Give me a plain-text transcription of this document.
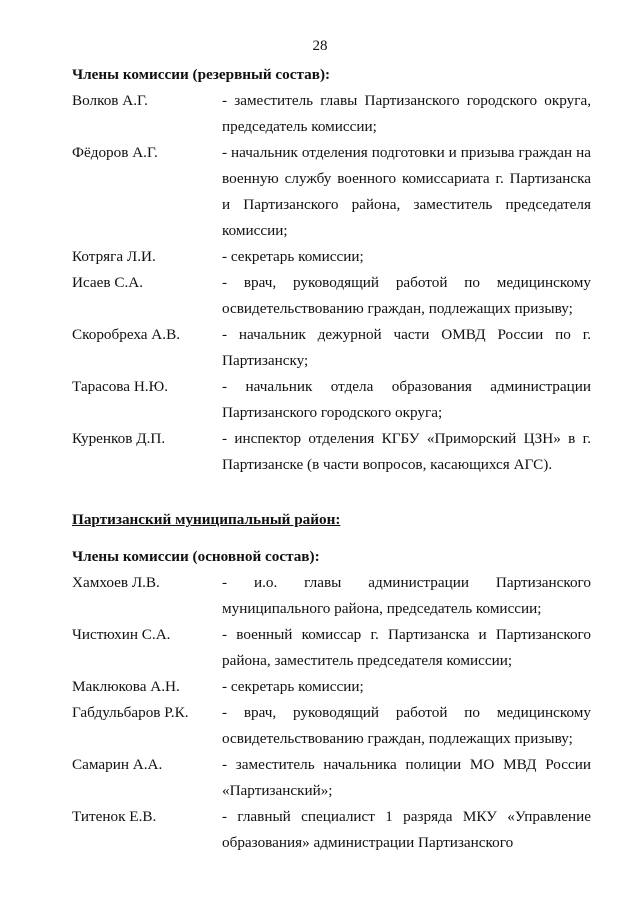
28
Члены комиссии (резервный состав):
Волков А.Г.	- заместитель главы Партизанского городского округа, председатель комиссии;
Фёдоров А.Г.	- начальник отделения подготовки и призыва граждан на военную службу военного комиссариата г. Партизанска и Партизанского района, заместитель председателя комиссии;
Котряга Л.И.	- секретарь комиссии;
Исаев С.А.	- врач, руководящий работой по медицинскому освидетельствованию граждан, подлежащих призыву;
Скоробреха А.В.	- начальник дежурной части ОМВД России по г. Партизанску;
Тарасова Н.Ю.	- начальник отдела образования администрации Партизанского городского округа;
Куренков Д.П.	- инспектор отделения КГБУ «Приморский ЦЗН» в г. Партизанске (в части вопросов, касающихся АГС).
Партизанский муниципальный район:
Члены комиссии (основной состав):
Хамхоев Л.В.	- и.о. главы администрации Партизанского муниципального района, председатель комиссии;
Чистюхин С.А.	- военный комиссар г. Партизанска и Партизанского района, заместитель председателя комиссии;
Маклюкова А.Н.	- секретарь комиссии;
Габдульбаров Р.К.	- врач, руководящий работой по медицинскому освидетельствованию граждан, подлежащих призыву;
Самарин А.А.	- заместитель начальника полиции МО МВД России «Партизанский»;
Титенок Е.В.	- главный специалист 1 разряда МКУ «Управление образования» администрации Партизанского
